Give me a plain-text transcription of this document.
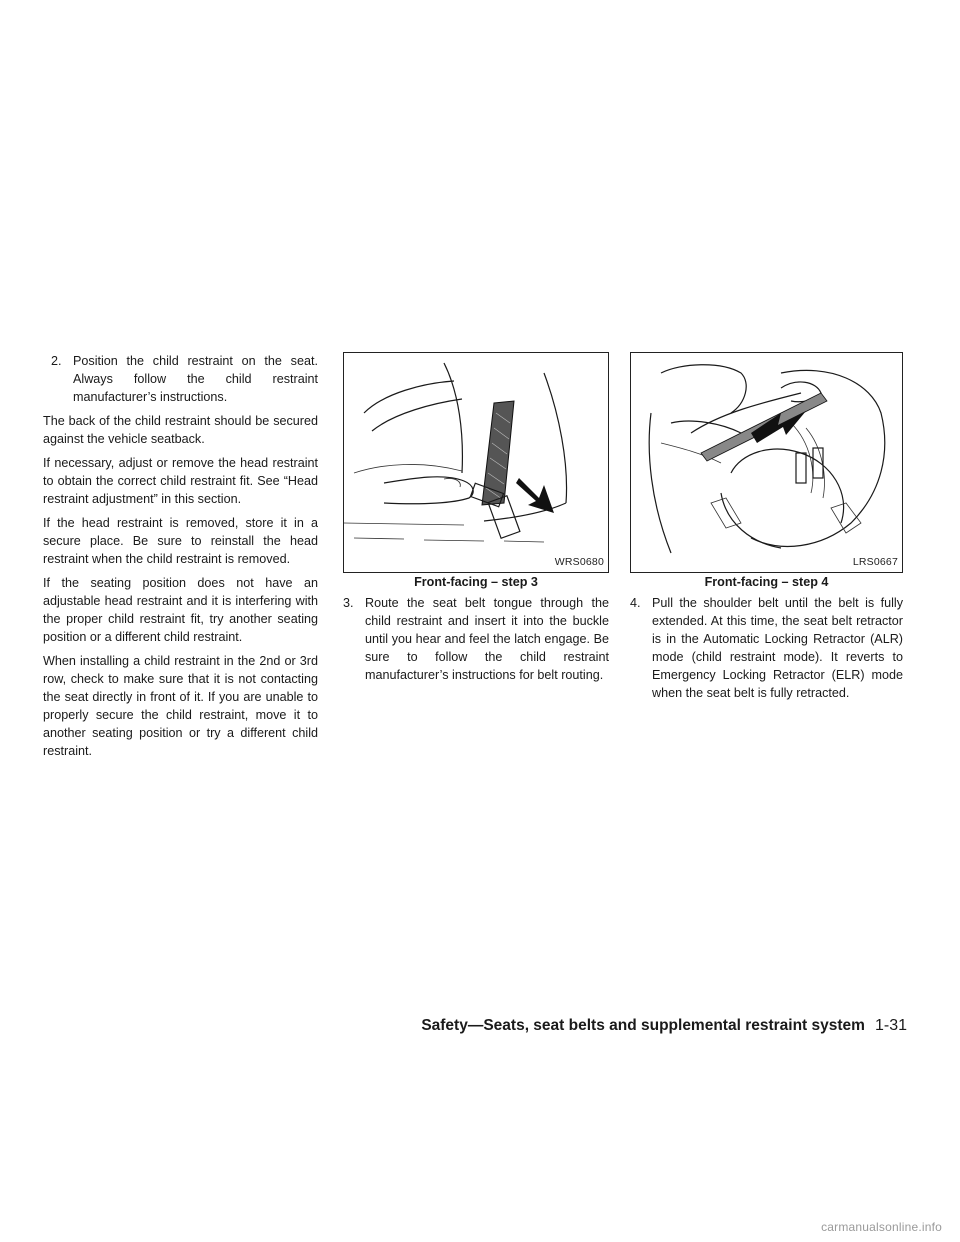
2. Position the child restraint on the seat. Always follow the child restraint manufacturer’s instructions.

The back of the child restraint should be secured against the vehicle seatback.

If necessary, adjust or remove the head restraint to obtain the correct child restraint fit. See “Head restraint adjustment” in this section.

If the head restraint is removed, store it in a secure place. Be sure to reinstall the head restraint when the child restraint is removed.

If the seating position does not have an adjustable head restraint and it is interfering with the proper child restraint fit, try another seating position or a different child restraint.

When installing a child restraint in the 2nd or 3rd row, check to make sure that it is not contacting the seat directly in front of it. If you are unable to properly secure the child restraint, move it to another seating position or try a different child restraint.

WRS0680
Front-facing – step 3
3. Route the seat belt tongue through the child restraint and insert it into the buckle until you hear and feel the latch engage. Be sure to follow the child restraint manufacturer’s instructions for belt routing.
LRS0667
Front-facing – step 4
4. Pull the shoulder belt until the belt is fully extended. At this time, the seat belt retractor is in the Automatic Locking Retractor (ALR) mode (child restraint mode). It reverts to Emergency Locking Retractor (ELR) mode when the seat belt is fully retracted.
Safety—Seats, seat belts and supplemental restraint system 1-31
carmanualsonline.info
